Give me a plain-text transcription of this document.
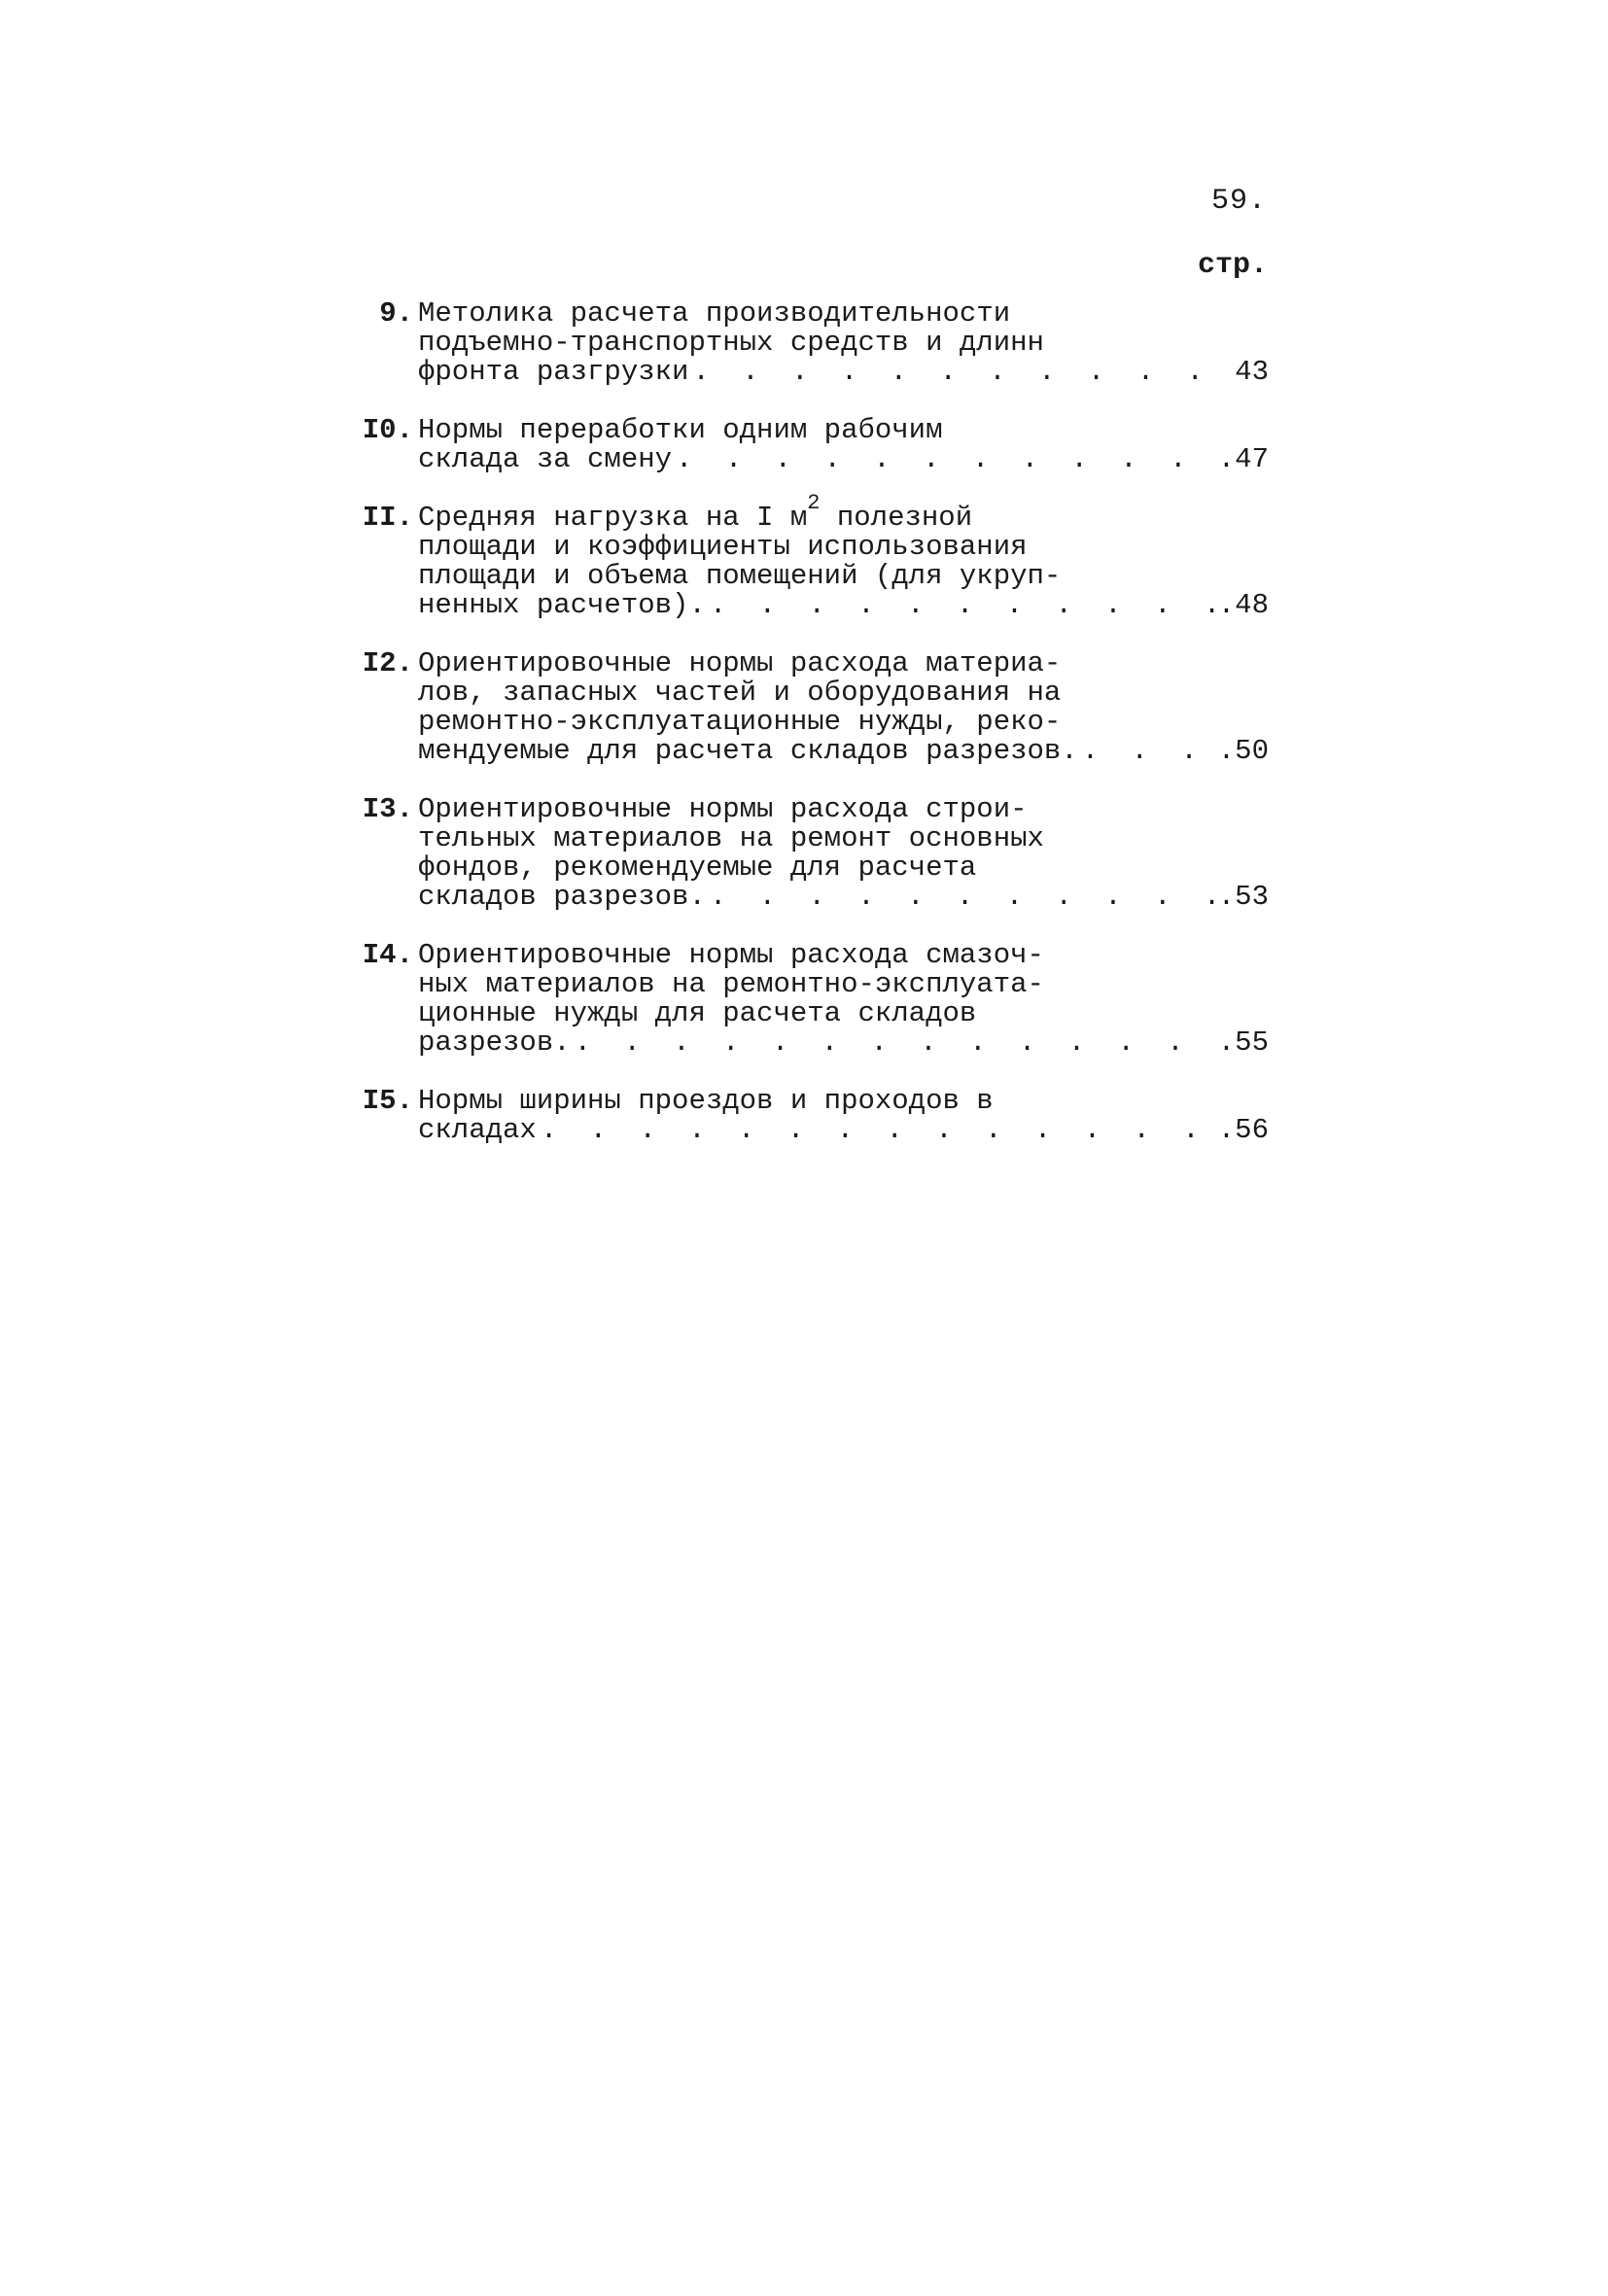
59.
стр.
9. Метолика расчета производительности
подъемно-транспортных средств и длинн
фронта разгрузки . . .	43
I0. Нормы переработки одним рабочим
склада за смену . . .	.47
II. Средняя нагрузка на I $м^2$ полезной
площади и коэффициенты использования
площади и объема помещений (для укруп-
ненных расчетов). . . .	.48
I2. Ориентировочные нормы расхода материа-
лов, запасных частей и оборудования на
ремонтно-эксплуатационные нужды, реко-
мендуемые для расчета складов разрезов. . . .	.50
I3. Ориентировочные нормы расхода строи-
тельных материалов на ремонт основных
фондов, рекомендуемые для расчета
складов разрезов. . . .	.53
I4. Ориентировочные нормы расхода смазоч-
ных материалов на ремонтно-эксплуата-
ционные нужды для расчета складов
разрезов. . . .	.55
I5. Нормы ширины проездов и проходов в
складах . . .	.56
